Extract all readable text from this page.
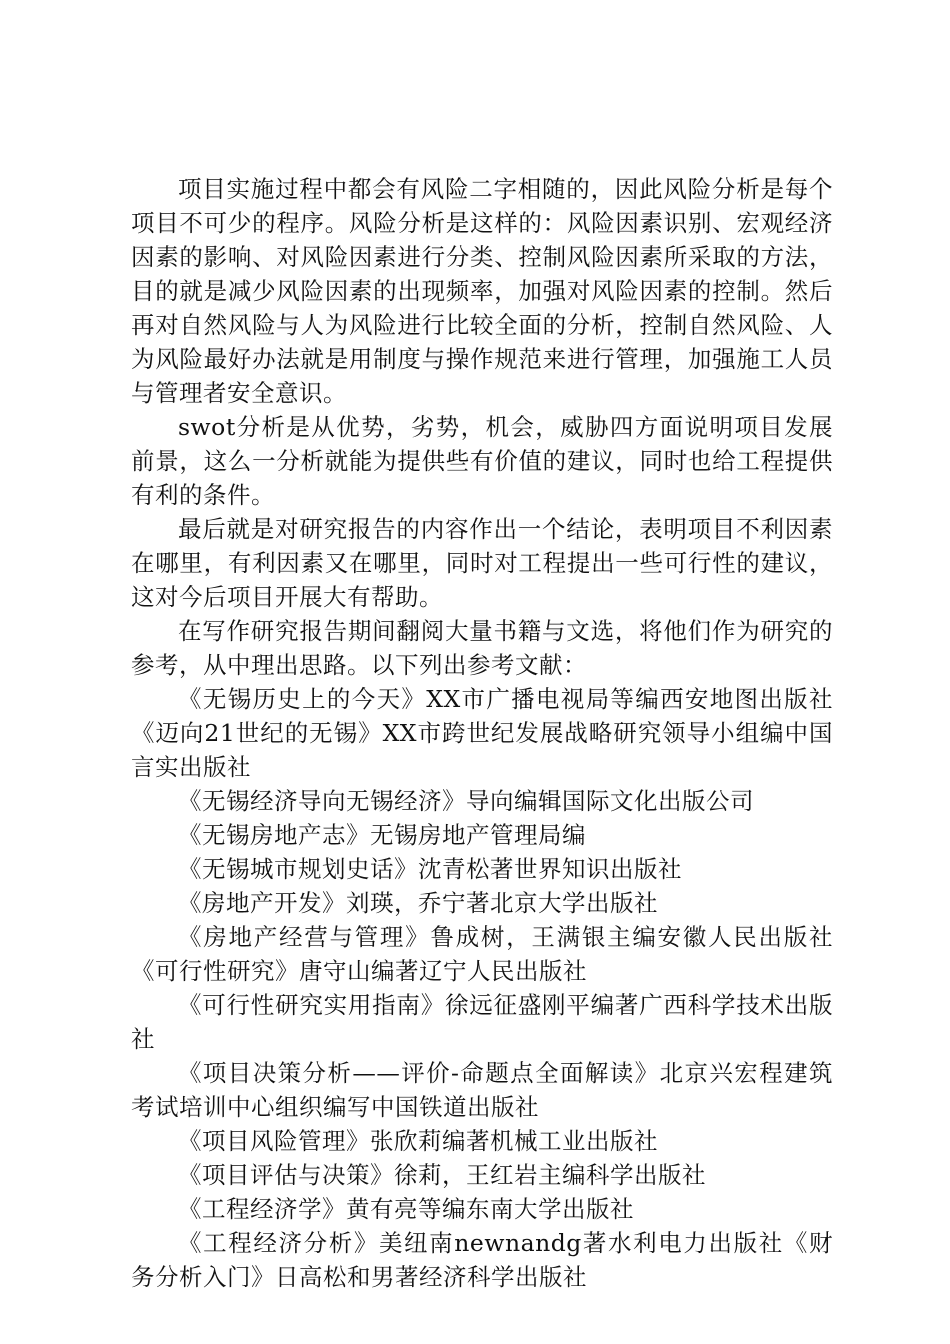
项目实施过程中都会有风险二字相随的，因此风险分析是每个项目不可少的程序。风险分析是这样的：风险因素识别、宏观经济因素的影响、对风险因素进行分类、控制风险因素所采取的方法，目的就是减少风险因素的出现频率，加强对风险因素的控制。然后再对自然风险与人为风险进行比较全面的分析，控制自然风险、人为风险最好办法就是用制度与操作规范来进行管理，加强施工人员与管理者安全意识。

swot分析是从优势，劣势，机会，威胁四方面说明项目发展前景，这么一分析就能为提供些有价值的建议，同时也给工程提供有利的条件。

最后就是对研究报告的内容作出一个结论，表明项目不利因素在哪里，有利因素又在哪里，同时对工程提出一些可行性的建议，这对今后项目开展大有帮助。

在写作研究报告期间翻阅大量书籍与文选，将他们作为研究的参考，从中理出思路。以下列出参考文献：

《无锡历史上的今天》XX市广播电视局等编西安地图出版社《迈向21世纪的无锡》XX市跨世纪发展战略研究领导小组编中国言实出版社

《无锡经济导向无锡经济》导向编辑国际文化出版公司

《无锡房地产志》无锡房地产管理局编

《无锡城市规划史话》沈青松著世界知识出版社

《房地产开发》刘瑛，乔宁著北京大学出版社

《房地产经营与管理》鲁成树，王满银主编安徽人民出版社《可行性研究》唐守山编著辽宁人民出版社

《可行性研究实用指南》徐远征盛刚平编著广西科学技术出版社

《项目决策分析——评价-命题点全面解读》北京兴宏程建筑考试培训中心组织编写中国铁道出版社

《项目风险管理》张欣莉编著机械工业出版社

《项目评估与决策》徐莉，王红岩主编科学出版社

《工程经济学》黄有亮等编东南大学出版社

《工程经济分析》美纽南newnandg著水利电力出版社《财务分析入门》日高松和男著经济科学出版社
